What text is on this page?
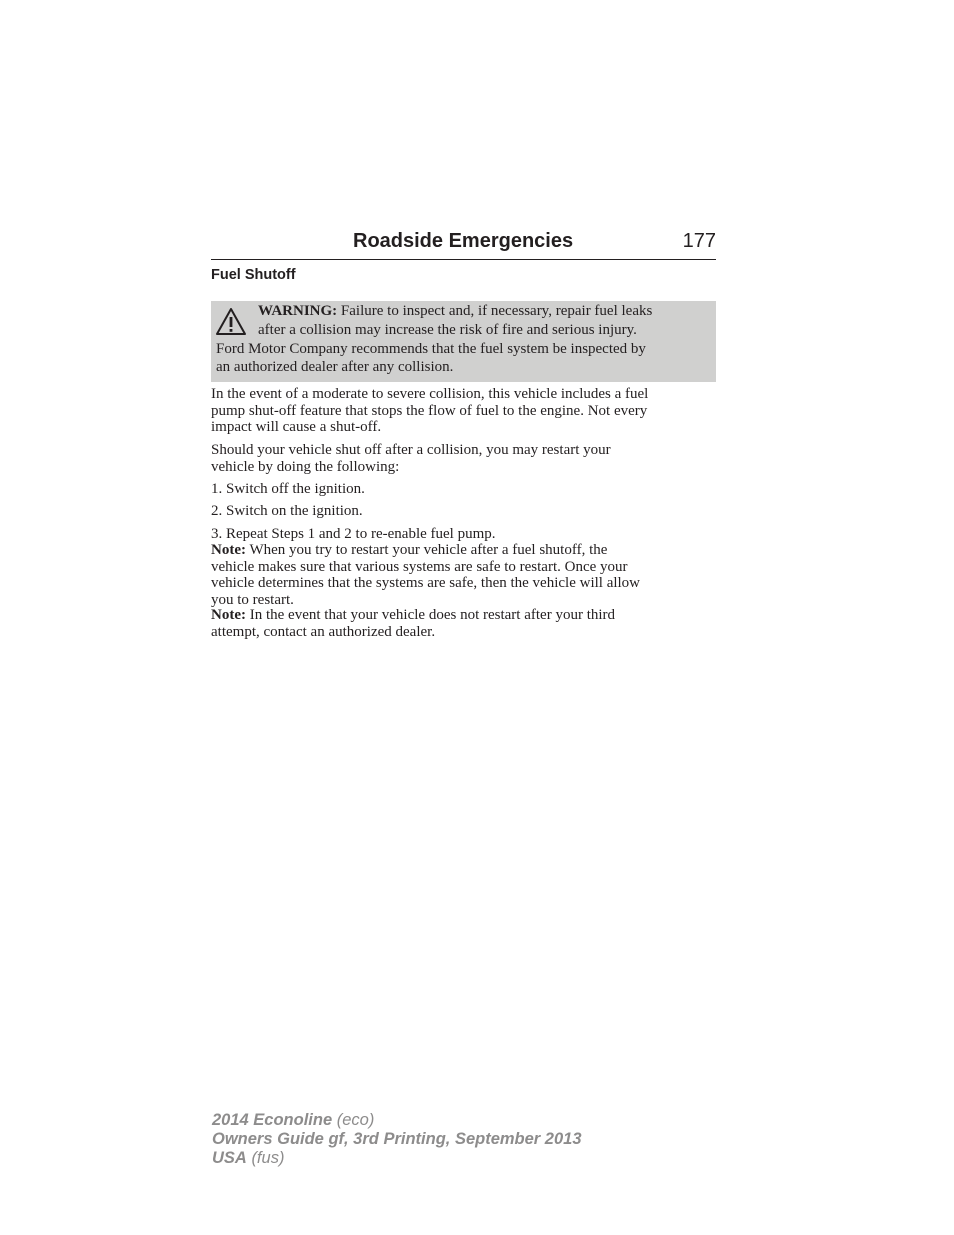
Roadside Emergencies	177
Fuel Shutoff
WARNING: Failure to inspect and, if necessary, repair fuel leaks
after a collision may increase the risk of fire and serious injury.
Ford Motor Company recommends that the fuel system be inspected by
an authorized dealer after any collision.
In the event of a moderate to severe collision, this vehicle includes a fuel
pump shut-off feature that stops the flow of fuel to the engine. Not every
impact will cause a shut-off.
Should your vehicle shut off after a collision, you may restart your
vehicle by doing the following:
1. Switch off the ignition.
2. Switch on the ignition.
3. Repeat Steps 1 and 2 to re-enable fuel pump.
Note: When you try to restart your vehicle after a fuel shutoff, the
vehicle makes sure that various systems are safe to restart. Once your
vehicle determines that the systems are safe, then the vehicle will allow
you to restart.
Note: In the event that your vehicle does not restart after your third
attempt, contact an authorized dealer.
2014 Econoline (eco)
Owners Guide gf, 3rd Printing, September 2013
USA (fus)
